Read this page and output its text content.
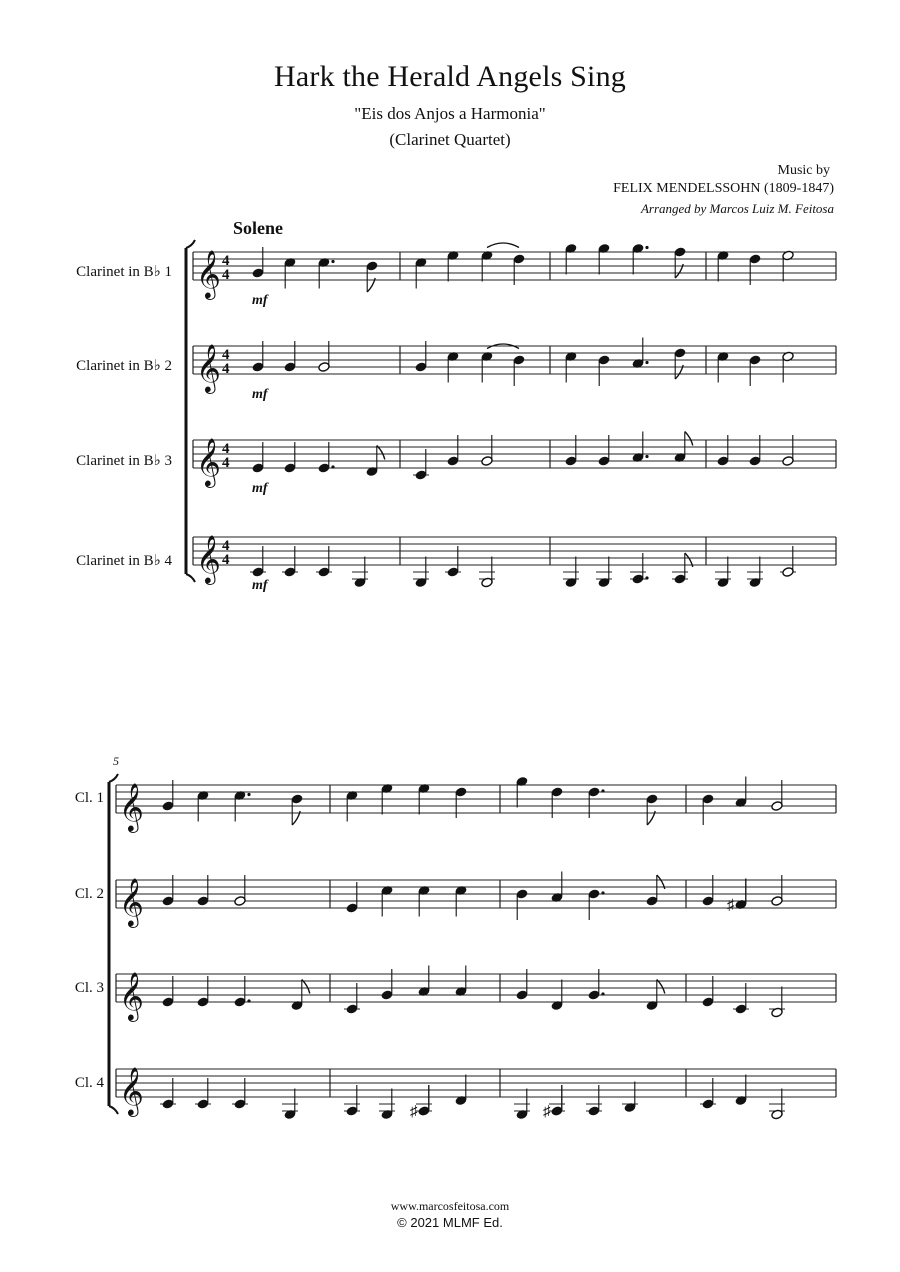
Hark the Herald Angels Sing
"Eis dos Anjos a Harmonia"
(Clarinet Quartet)
Music by
FELIX MENDELSSOHN (1809-1847)
Arranged by Marcos Luiz M. Feitosa
Solene
Clarinet in B♭ 1
Clarinet in B♭ 2
Clarinet in B♭ 3
Clarinet in B♭ 4
5
Cl. 1
Cl. 2
Cl. 3
Cl. 4
𝄞 4
4
mf
𝄞 4
4
mf
𝄞 4
4
mf
𝄞 4
4
mf
𝄞
𝄞
𝄞
𝄞
♯
♯	♯
www.marcosfeitosa.com
© 2021 MLMF Ed.
